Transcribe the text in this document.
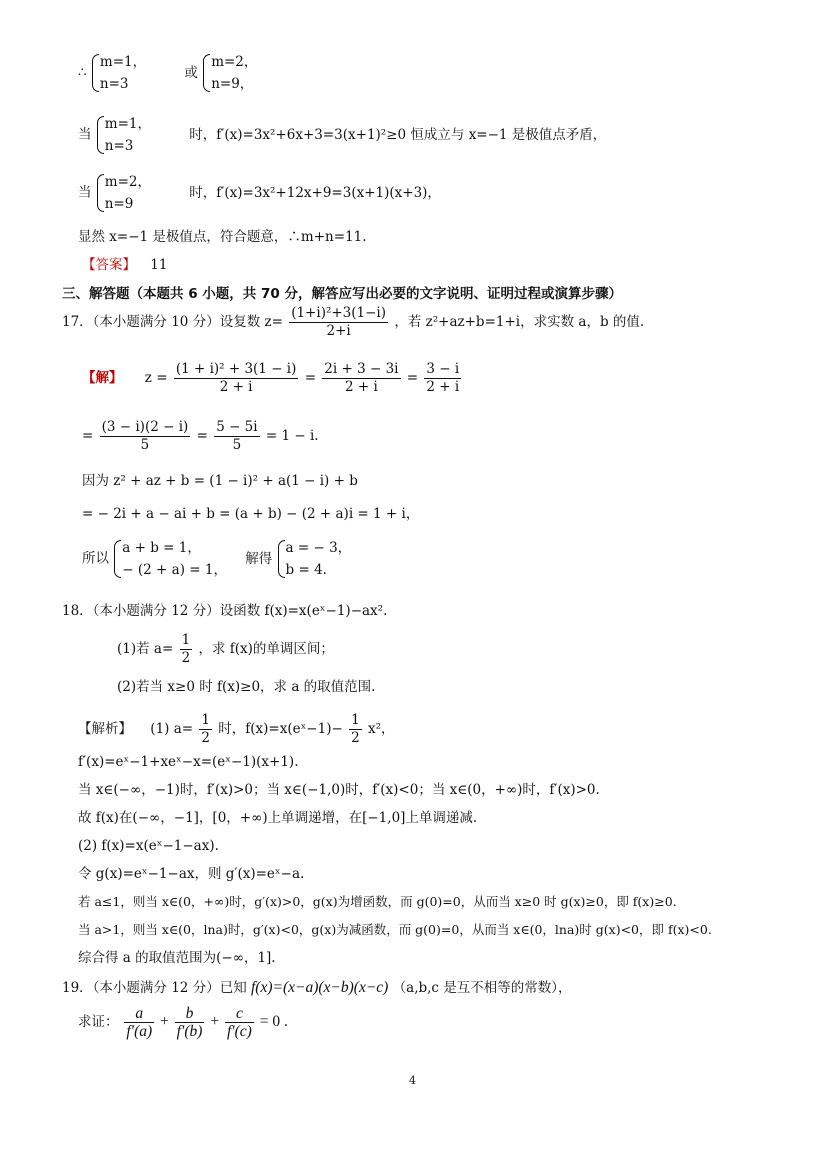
∴
m=1，
n=3
或
m=2，
n=9，
当
m=1，
n=3
时，f′(x)=3x²+6x+3=3(x+1)²≥0 恒成立与 x=−1 是极值点矛盾，
当
m=2，
n=9
时，f′(x)=3x²+12x+9=3(x+1)(x+3)，
显然 x=−1 是极值点，符合题意，∴m+n=11.
【答案】 11
三、解答题（本题共 6 小题，共 70 分，解答应写出必要的文字说明、证明过程或演算步骤）
17．（本小题满分 10 分）设复数 $z= \frac{\text{(1+i)²+3(1−i)}}{2+i}$ ，若 z²+az+b=1+i，求实数 a，b 的值.
【解】 $z = \frac{\text{(1 + i)² + 3(1 − i)}}{2 + i} = \frac{2i + 3 - 3i}{2 + i} = \frac{3 - i}{2 + i}$
= $\frac{(3 - i)(2 - i)}{5} = \frac{5 - 5i}{5} = 1 - i$.
因为 z² + az + b = (1 − i)² + a(1 − i) + b
= − 2i + a − ai + b = (a + b) − (2 + a)i = 1 + i，
所以
a + b = 1，
− (2 + a) = 1，
解得
a = − 3，
b = 4.
18．（本小题满分 12 分）设函数 f(x)=x(eˣ−1)−ax².
(1)若 $a= \frac{1}{2}$ ，求 f(x)的单调区间；
(2)若当 x≥0 时 f(x)≥0，求 a 的取值范围.
【解析】 (1) $a= \frac{1}{2}$ 时，f(x)=x(eˣ−1)− $\frac{1}{2} x^2$，
f′(x)=eˣ−1+xeˣ−x=(eˣ−1)(x+1).
当 x∈(−∞，−1)时，f′(x)>0；当 x∈(−1,0)时，f′(x)<0；当 x∈(0，+∞)时，f′(x)>0.
故 f(x)在(−∞，−1]，[0，+∞)上单调递增，在[−1,0]上单调递减.
(2) f(x)=x(eˣ−1−ax).
令 g(x)=eˣ−1−ax，则 g′(x)=eˣ−a.
若 a≤1，则当 x∈(0，+∞)时，g′(x)>0，g(x)为增函数，而 g(0)=0，从而当 x≥0 时 g(x)≥0，即 f(x)≥0.
当 a>1，则当 x∈(0，lna)时，g′(x)<0，g(x)为减函数，而 g(0)=0，从而当 x∈(0，lna)时 g(x)<0，即 f(x)<0.
综合得 a 的取值范围为(−∞，1].
19．（本小题满分 12 分）已知 f(x)=(x−a)(x−b)(x−c) （a,b,c 是互不相等的常数），
求证： $\frac{a}{f'(a)} + \frac{b}{f'(b)} + \frac{c}{f'(c)} = 0$ .
4
